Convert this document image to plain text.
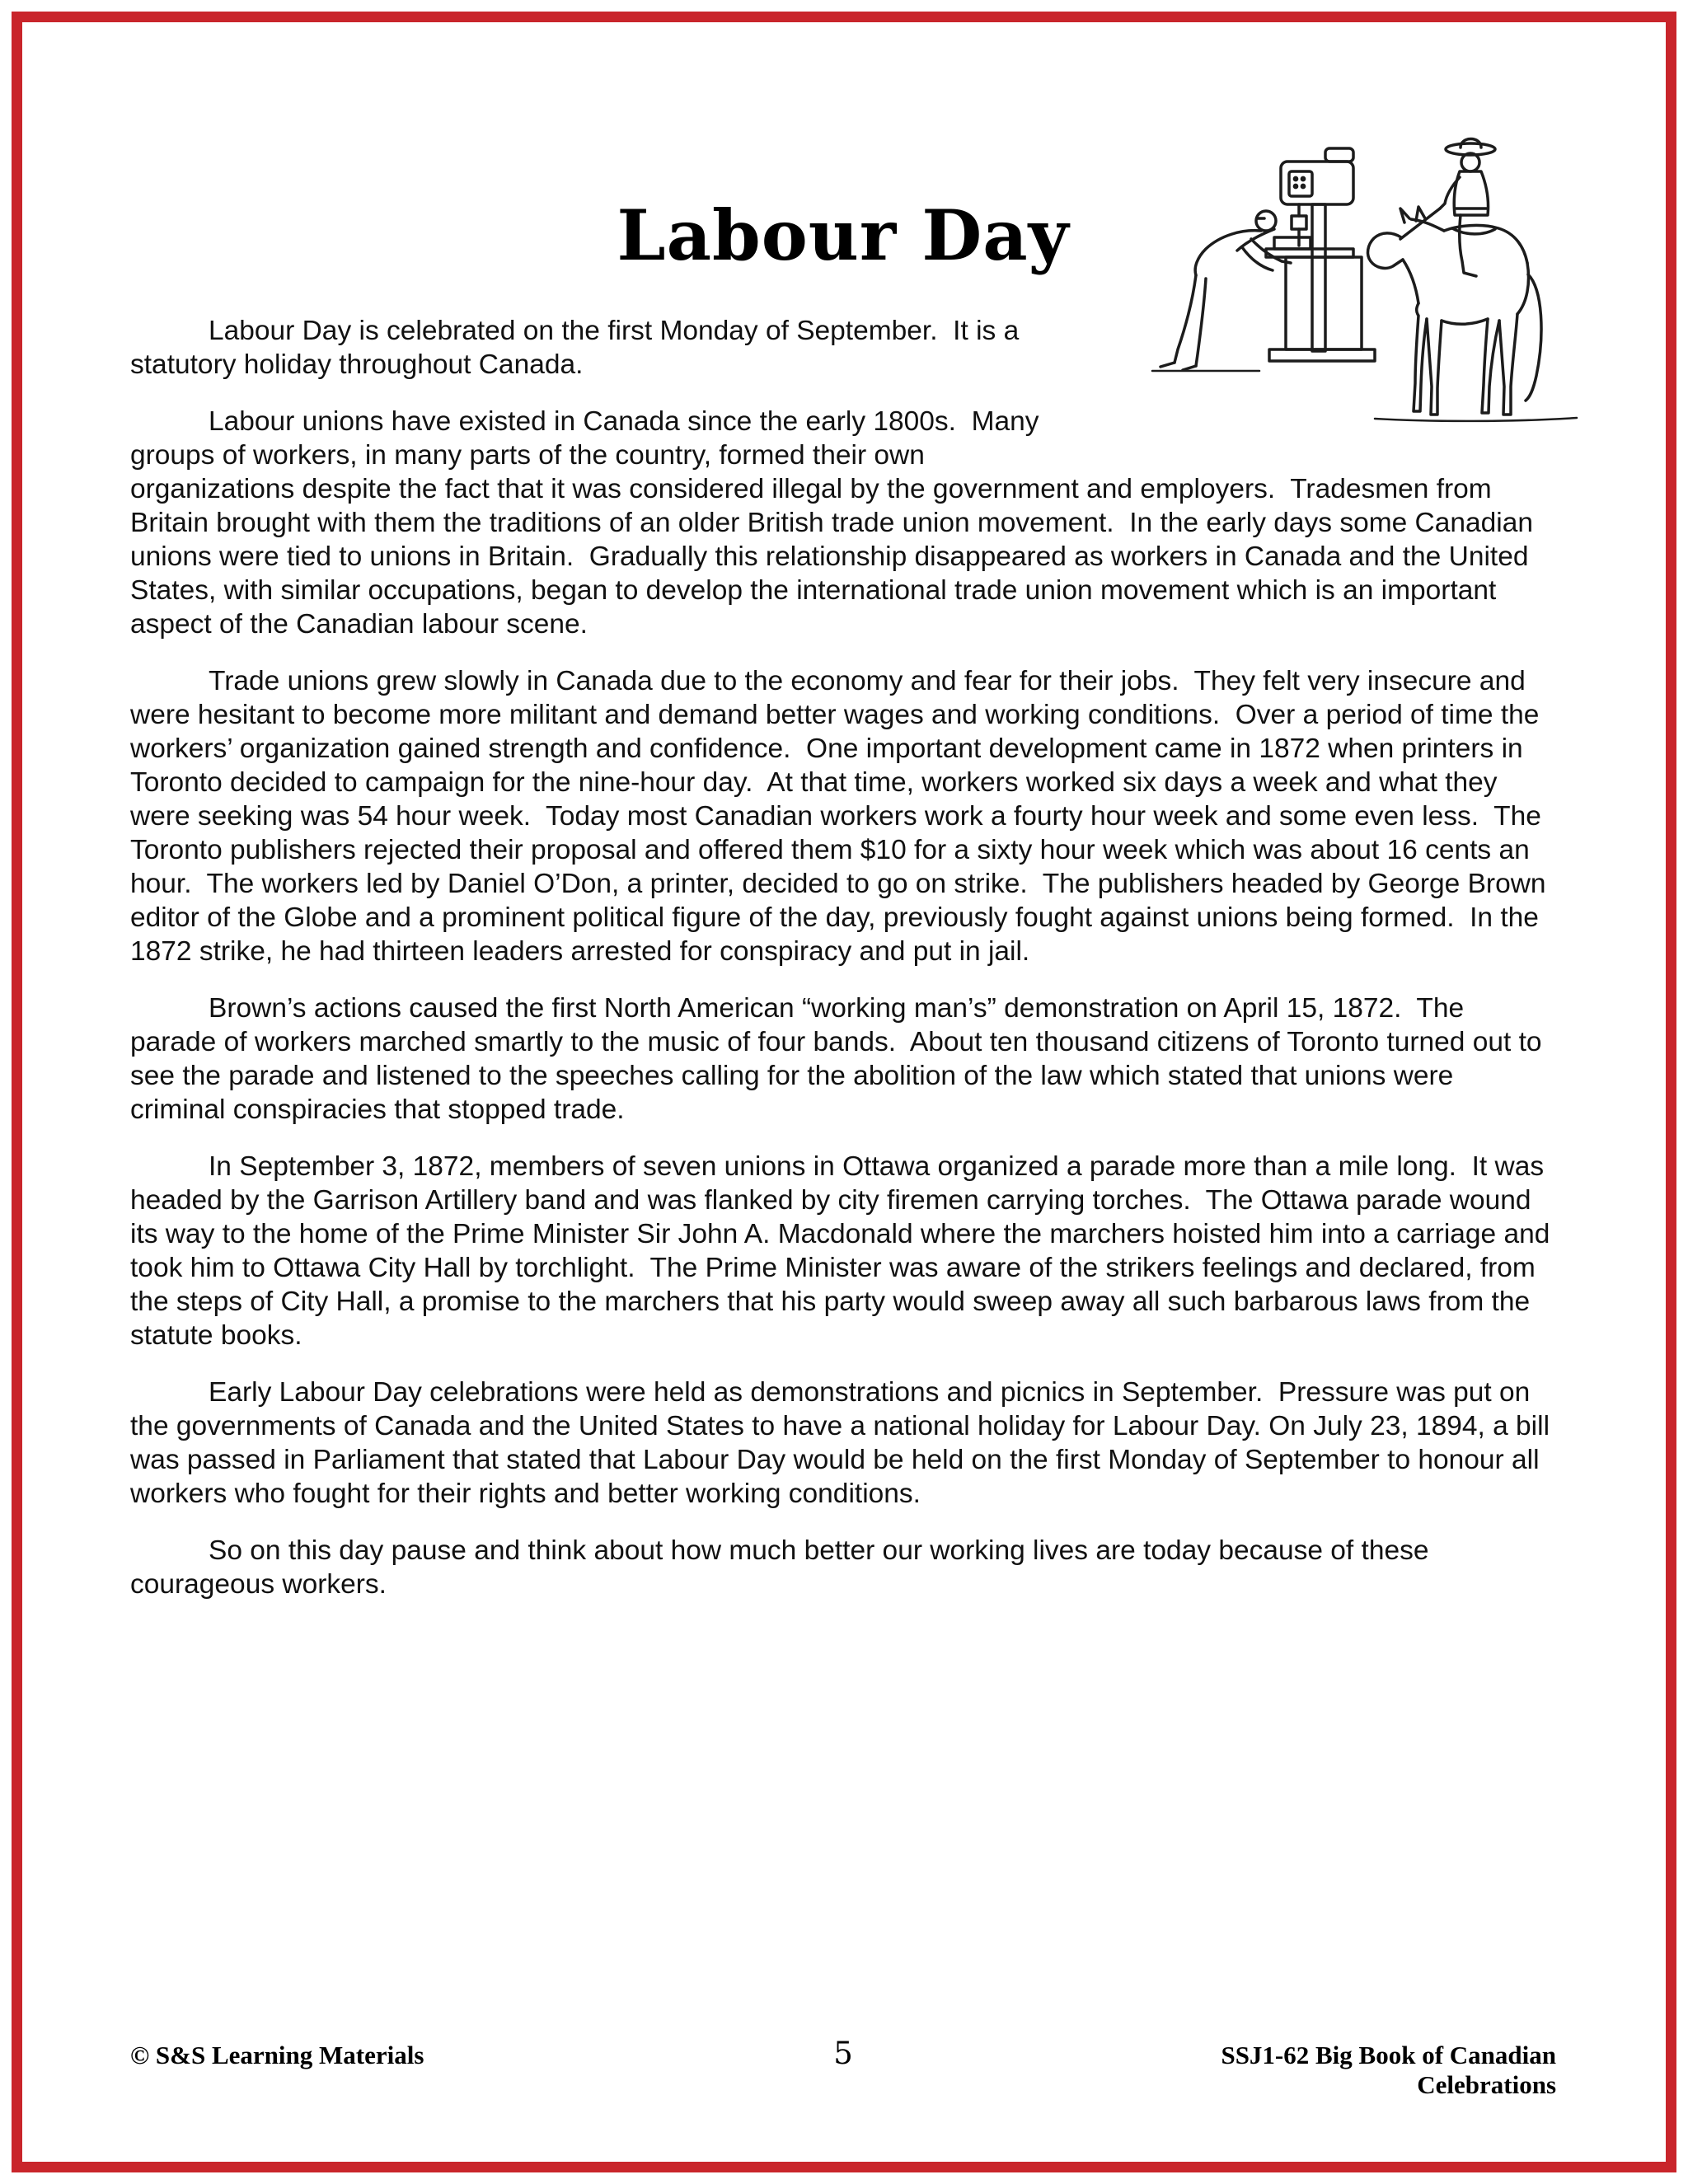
Labour Day

Labour Day is celebrated on the first Monday of September.  It is a statutory holiday throughout Canada.

Labour unions have existed in Canada since the early 1800s.  Many groups of workers, in many parts of the country, formed their own organizations despite the fact that it was considered illegal by the government and employers.  Tradesmen from Britain brought with them the traditions of an older British trade union movement.  In the early days some Canadian unions were tied to unions in Britain.  Gradually this relationship disappeared as workers in Canada and the United States, with similar occupations, began to develop the international trade union movement which is an important aspect of the Canadian labour scene.

Trade unions grew slowly in Canada due to the economy and fear for their jobs.  They felt very insecure and were hesitant to become more militant and demand better wages and working conditions.  Over a period of time the workers’ organization gained strength and confidence.  One important development came in 1872 when printers in Toronto decided to campaign for the nine-hour day.  At that time, workers worked six days a week and what they were seeking was 54 hour week.  Today most Canadian workers work a fourty hour week and some even less.  The Toronto publishers rejected their proposal and offered them $10 for a sixty hour week which was about 16 cents an hour.  The workers led by Daniel O’Don, a printer, decided to go on strike.  The publishers headed by George Brown editor of the Globe and a prominent political figure of the day, previously fought against unions being formed.  In the 1872 strike, he had thirteen leaders arrested for conspiracy and put in jail.

Brown’s actions caused the first North American “working man’s” demonstration on April 15, 1872.  The parade of workers marched smartly to the music of four bands.  About ten thousand citizens of Toronto turned out to see the parade and listened to the speeches calling for the abolition of the law which stated that unions were criminal conspiracies that stopped trade.

In September 3, 1872, members of seven unions in Ottawa organized a parade more than a mile long.  It was headed by the Garrison Artillery band and was flanked by city firemen carrying torches.  The Ottawa parade wound its way to the home of the Prime Minister Sir John A. Macdonald where the marchers hoisted him into a carriage and took him to Ottawa City Hall by torchlight.  The Prime Minister was aware of the strikers feelings and declared, from the steps of City Hall, a promise to the marchers that his party would sweep away all such barbarous laws from the statute books.

Early Labour Day celebrations were held as demonstrations and picnics in September.  Pressure was put on the governments of Canada and the United States to have a national holiday for Labour Day. On July 23, 1894, a bill was passed in Parliament that stated that Labour Day would be held on the first Monday of September to honour all workers who fought for their rights and better working conditions.

So on this day pause and think about how much better our working lives are today because of these courageous workers.

© S&S Learning Materials	5	SSJ1-62 Big Book of Canadian Celebrations
